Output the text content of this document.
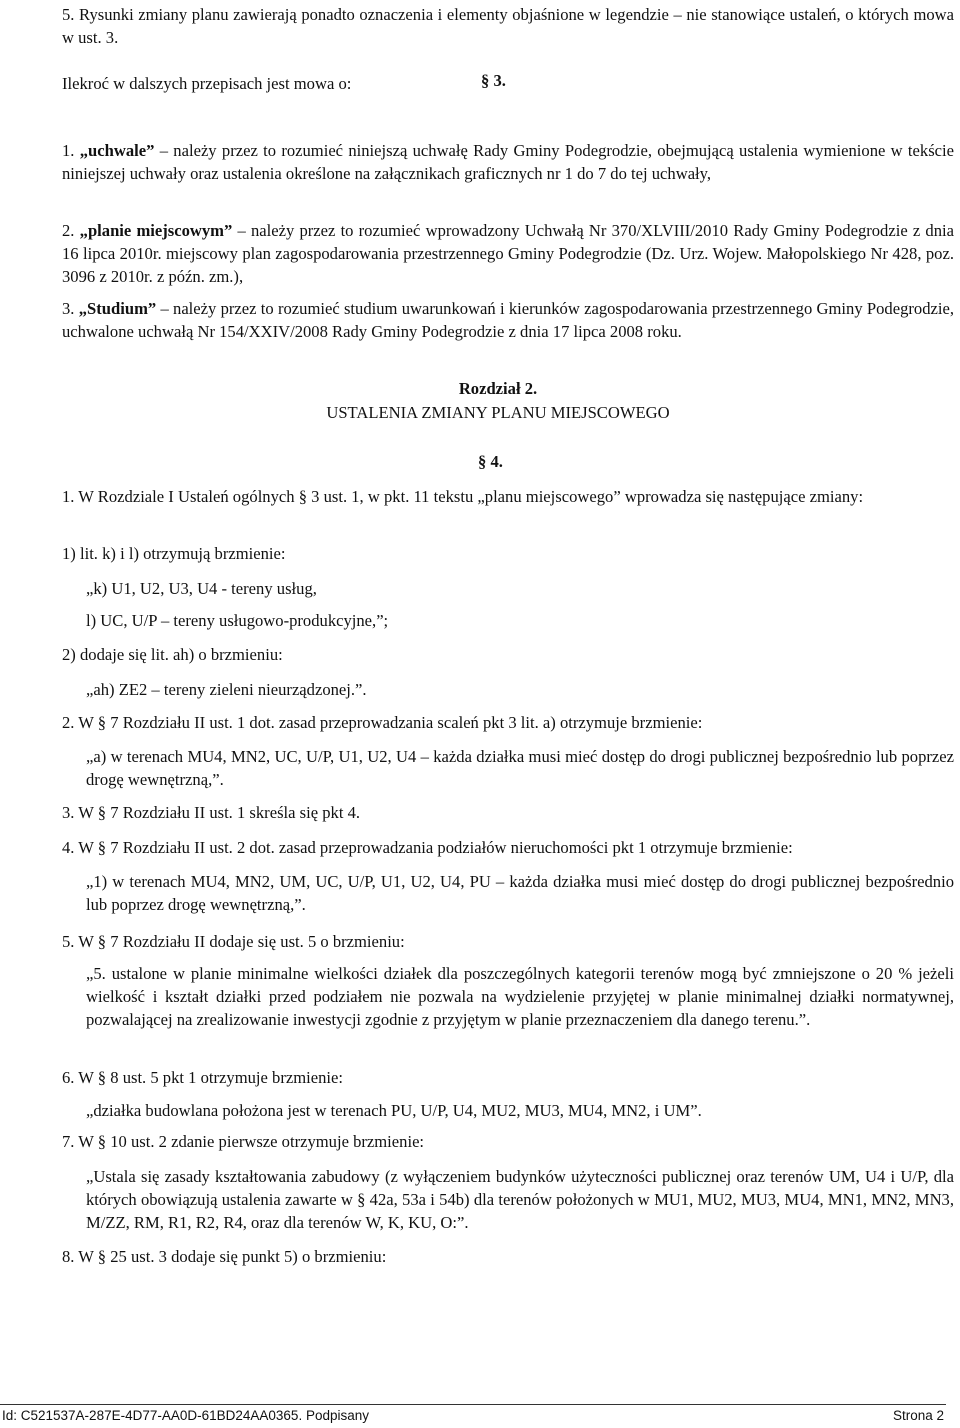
5. Rysunki zmiany planu zawierają ponadto oznaczenia i elementy objaśnione w legendzie – nie stanowiące ustaleń, o których mowa w ust. 3.

§ 3.

Ilekroć w dalszych przepisach jest mowa o:

1. „uchwale” – należy przez to rozumieć niniejszą uchwałę Rady Gminy Podegrodzie, obejmującą ustalenia wymienione w tekście niniejszej uchwały oraz ustalenia określone na załącznikach graficznych nr 1 do 7 do tej uchwały,

2. „planie miejscowym” – należy przez to rozumieć wprowadzony Uchwałą Nr 370/XLVIII/2010 Rady Gminy Podegrodzie z dnia 16 lipca 2010r. miejscowy plan zagospodarowania przestrzennego Gminy Podegrodzie (Dz. Urz. Wojew. Małopolskiego Nr 428, poz. 3096 z 2010r. z późn. zm.),

3. „Studium” – należy przez to rozumieć studium uwarunkowań i kierunków zagospodarowania przestrzennego Gminy Podegrodzie, uchwalone uchwałą Nr 154/XXIV/2008 Rady Gminy Podegrodzie z dnia 17 lipca 2008 roku.

Rozdział 2.

USTALENIA ZMIANY PLANU MIEJSCOWEGO

§ 4.

1. W Rozdziale I Ustaleń ogólnych § 3 ust. 1, w pkt. 11 tekstu „planu miejscowego” wprowadza się następujące zmiany:

1) lit. k) i l) otrzymują brzmienie:

„k) U1, U2, U3, U4 - tereny usług,

l) UC, U/P – tereny usługowo-produkcyjne,”;

2) dodaje się lit. ah) o brzmieniu:

„ah) ZE2 – tereny zieleni nieurządzonej.”.

2. W § 7 Rozdziału II ust. 1 dot. zasad przeprowadzania scaleń pkt 3 lit. a) otrzymuje brzmienie:

„a) w terenach MU4, MN2, UC, U/P, U1, U2, U4 – każda działka musi mieć dostęp do drogi publicznej bezpośrednio lub poprzez drogę wewnętrzną,”.

3. W § 7 Rozdziału II ust. 1 skreśla się pkt 4.

4. W § 7 Rozdziału II ust. 2 dot. zasad przeprowadzania podziałów nieruchomości pkt 1 otrzymuje brzmienie:

„1) w terenach MU4, MN2, UM, UC, U/P, U1, U2, U4, PU – każda działka musi mieć dostęp do drogi publicznej bezpośrednio lub poprzez drogę wewnętrzną,”.

5. W § 7 Rozdziału II dodaje się ust. 5 o brzmieniu:

„5. ustalone w planie minimalne wielkości działek dla poszczególnych kategorii terenów mogą być zmniejszone o 20 % jeżeli wielkość i kształt działki przed podziałem nie pozwala na wydzielenie przyjętej w planie minimalnej działki normatywnej, pozwalającej na zrealizowanie inwestycji zgodnie z przyjętym w planie przeznaczeniem dla danego terenu.”.

6. W § 8 ust. 5 pkt 1 otrzymuje brzmienie:

„działka budowlana położona jest w terenach PU, U/P, U4, MU2, MU3, MU4, MN2, i UM”.

7. W § 10 ust. 2 zdanie pierwsze otrzymuje brzmienie:

„Ustala się zasady kształtowania zabudowy (z wyłączeniem budynków użyteczności publicznej oraz terenów UM, U4 i U/P, dla których obowiązują ustalenia zawarte w § 42a, 53a i 54b) dla terenów położonych w MU1, MU2, MU3, MU4, MN1, MN2, MN3, M/ZZ, RM, R1, R2, R4, oraz dla terenów W, K, KU, O:”.

8. W § 25 ust. 3 dodaje się punkt 5) o brzmieniu:

Id: C521537A-287E-4D77-AA0D-61BD24AA0365. Podpisany	Strona 2
